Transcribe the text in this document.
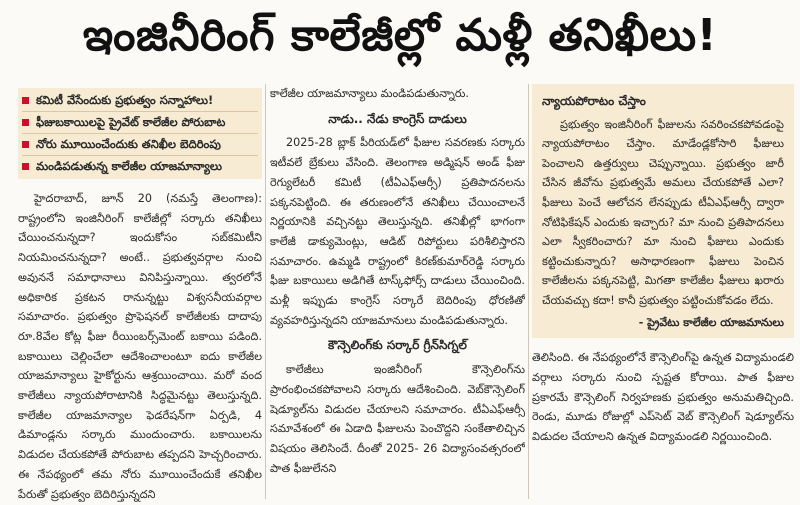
ఇంజినీరింగ్ కాలేజీల్లో మళ్లీ తనిఖీలు!
కమిటీ వేసేందుకు ప్రభుత్వం సన్నాహాలు!
ఫీజుబకాయిలపై ప్రైవేట్ కాలేజీల పోరుబాట
నోరు మూయించేందుకు తనిఖీల బెదిరింపు
మండిపడుతున్న కాలేజీల యాజమాన్యాలు

హైదరాబాద్, జూన్ 20 (నమస్తే తెలంగాణ): రాష్ట్రంలోని ఇంజినీరింగ్ కాలేజీల్లో సర్కారు తనిఖీలు చేయించనున్నదా? ఇందుకోసం సబ్‌కమిటీని నియమించనున్నదా? అంటే.. ప్రభుత్వవర్గాల నుంచి అవుననే సమాధానాలు వినిపిస్తున్నాయి. త్వరలోనే అధికారిక ప్రకటన రానున్నట్టు విశ్వసనీయవర్గాల సమాచారం. ప్రభుత్వం ప్రొఫెషనల్ కాలేజీలకు దాదాపు రూ.8వేల కోట్ల ఫీజు రీయింబర్స్‌మెంట్ బకాయి పడింది. బకాయిలు చెల్లించేలా ఆదేశించాలంటూ ఐదు కాలేజీల యాజమాన్యాలు హైకోర్టును ఆశ్రయించాయి. మరో వంద కాలేజీలు న్యాయపోరాటానికి సిద్ధమైనట్టు తెలుస్తున్నది. కాలేజీల యాజమాన్యాల ఫెడరేషన్‌గా ఏర్పడి, 4 డిమాండ్లను సర్కారు ముందుంచారు. బకాయిలను విడుదల చేయకపోతే పోరుబాట తప్పదని హెచ్చరించారు. ఈ నేపథ్యంలో తమ నోరు మూయించేందుకే తనిఖీల పేరుతో ప్రభుత్వం బెదిరిస్తున్నదని

కాలేజీల యాజమాన్యాలు మండిపడుతున్నారు.

నాడు.. నేడు కాంగ్రెస్ దాడులు

2025-28 బ్లాక్ పీరియడ్‌లో ఫీజుల సవరణకు సర్కారు ఇటీవలే బ్రేకులు వేసింది. తెలంగాణ అడ్మిషన్ అండ్ ఫీజు రెగ్యులేటరీ కమిటీ (టీఏఎఫ్‌ఆర్సీ) ప్రతిపాదనలను పక్కనపెట్టింది. ఈ తరుణంలోనే తనిఖీలు చేయించాలనే నిర్ణయానికి వచ్చినట్టు తెలుస్తున్నది. తనిఖీల్లో భాగంగా కాలేజీ డాక్యుమెంట్లు, ఆడిట్ రిపోర్టులు పరిశీలిస్తారని సమాచారం. ఉమ్మడి రాష్ట్రంలో కిరణ్‌కుమార్‌రెడ్డి సర్కారు ఫీజు బకాయిలు అడిగితే టాస్క్‌ఫోర్స్ దాడులు చేయించింది. మళ్లీ ఇప్పుడు కాంగ్రెస్ సర్కారే బెదిరింపు ధోరణితో వ్యవహరిస్తున్నదని యాజమానులు మండిపడుతున్నారు.

కౌన్సెలింగ్‌కు సర్కార్ గ్రీన్‌సిగ్నల్

కాలేజీలు ఇంజినీరింగ్ కౌన్సెలింగ్‌ను ప్రారంభించకపోవాలని సర్కారు ఆదేశించింది. వెబ్‌కౌన్సెలింగ్ షెడ్యూల్‌ను విడుదల చేయాలని సమాచారం. టీఏఎఫ్‌ఆర్సీ సమావేశంలో ఈ ఏడాది ఫీజులను పెంచొద్దని సంకేతాలిచ్చిన విషయం తెలిసిందే. దీంతో 2025- 26 విద్యాసంవత్సరంలో పాత ఫీజులేనని

న్యాయపోరాటం చేస్తాం
ప్రభుత్వం ఇంజినీరింగ్ ఫీజులను సవరించకపోవడంపై న్యాయపోరాటం చేస్తాం. మాడేండ్లకోసారి ఫీజులు పెంచాలని ఉత్తర్వులు చెప్పున్నాయి. ప్రభుత్వం జారీ చేసిన జీవోను ప్రభుత్వమే అమలు చేయకపోతే ఎలా? ఫీజులు పెంచే ఆలోచన లేనప్పుడు టీఏఎఫ్‌ఆర్సీ ద్వారా నోటిఫికేషన్ ఎందుకు ఇచ్చారు? మా నుంచి ప్రతిపాదనలు ఎలా స్వీకరించారు? మా నుంచి ఫీజులు ఎందుకు కట్టించుకున్నారు? అసాధారణంగా ఫీజులు పెంచిన కాలేజీలను పక్కనపెట్టి, మిగతా కాలేజీల ఫీజులు ఖరారు చేయవచ్చు కదా! కానీ ప్రభుత్వం పట్టించుకోవడం లేదు.
- ప్రైవేటు కాలేజీల యాజమానులు

తెలిసింది. ఈ నేపథ్యంలోనే కౌన్సెలింగ్‌పై ఉన్నత విద్యామండలి వర్గాలు సర్కారు నుంచి స్పష్టత కోరాయి. పాత ఫీజుల ప్రకారమే కౌన్సెలింగ్ నిర్వహణకు ప్రభుత్వం అనుమతిచ్చింది. రెండు, మూడు రోజుల్లో ఎప్‌సెట్ వెబ్ కౌన్సెలింగ్ షెడ్యూల్‌ను విడుదల చేయాలని ఉన్నత విద్యామండలి నిర్ణయించింది.
